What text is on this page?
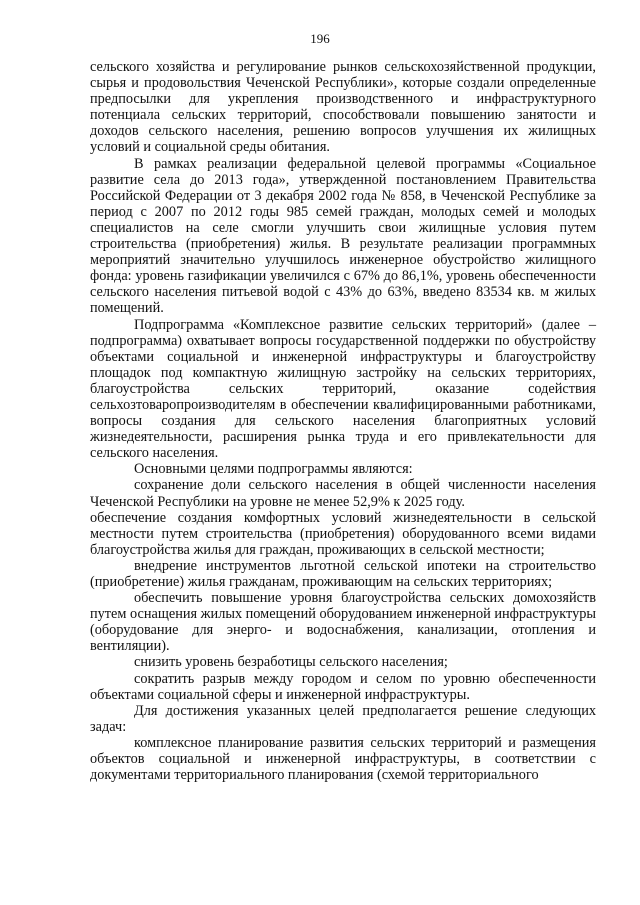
196

сельского хозяйства и регулирование рынков сельскохозяйственной продукции, сырья и продовольствия Чеченской Республики», которые создали определенные предпосылки для укрепления производственного и инфраструктурного потенциала сельских территорий, способствовали повышению занятости и доходов сельского населения, решению вопросов улучшения их жилищных условий и социальной среды обитания.

В рамках реализации федеральной целевой программы «Социальное развитие села до 2013 года», утвержденной постановлением Правительства Российской Федерации от 3 декабря 2002 года № 858, в Чеченской Республике за период с 2007 по 2012 годы 985 семей граждан, молодых семей и молодых специалистов на селе смогли улучшить свои жилищные условия путем строительства (приобретения) жилья. В результате реализации программных мероприятий значительно улучшилось инженерное обустройство жилищного фонда: уровень газификации увеличился с 67% до 86,1%, уровень обеспеченности сельского населения питьевой водой с 43% до 63%, введено 83534 кв. м жилых помещений.

Подпрограмма «Комплексное развитие сельских территорий» (далее – подпрограмма) охватывает вопросы государственной поддержки по обустройству объектами социальной и инженерной инфраструктуры и благоустройству площадок под компактную жилищную застройку на сельских территориях, благоустройства сельских территорий, оказание содействия сельхозтоваропроизводителям в обеспечении квалифицированными работниками, вопросы создания для сельского населения благоприятных условий жизнедеятельности, расширения рынка труда и его привлекательности для сельского населения.

Основными целями подпрограммы являются:

сохранение доли сельского населения в общей численности населения Чеченской Республики на уровне не менее 52,9% к 2025 году.

обеспечение создания комфортных условий жизнедеятельности в сельской местности путем строительства (приобретения) оборудованного всеми видами благоустройства жилья для граждан, проживающих в сельской местности;

внедрение инструментов льготной сельской ипотеки на строительство (приобретение) жилья гражданам, проживающим на сельских территориях;

обеспечить повышение уровня благоустройства сельских домохозяйств путем оснащения жилых помещений оборудованием инженерной инфраструктуры (оборудование для энерго- и водоснабжения, канализации, отопления и вентиляции).

снизить уровень безработицы сельского населения;

сократить разрыв между городом и селом по уровню обеспеченности объектами социальной сферы и инженерной инфраструктуры.

Для достижения указанных целей предполагается решение следующих задач:

комплексное планирование развития сельских территорий и размещения объектов социальной и инженерной инфраструктуры, в соответствии с документами территориального планирования (схемой территориального
